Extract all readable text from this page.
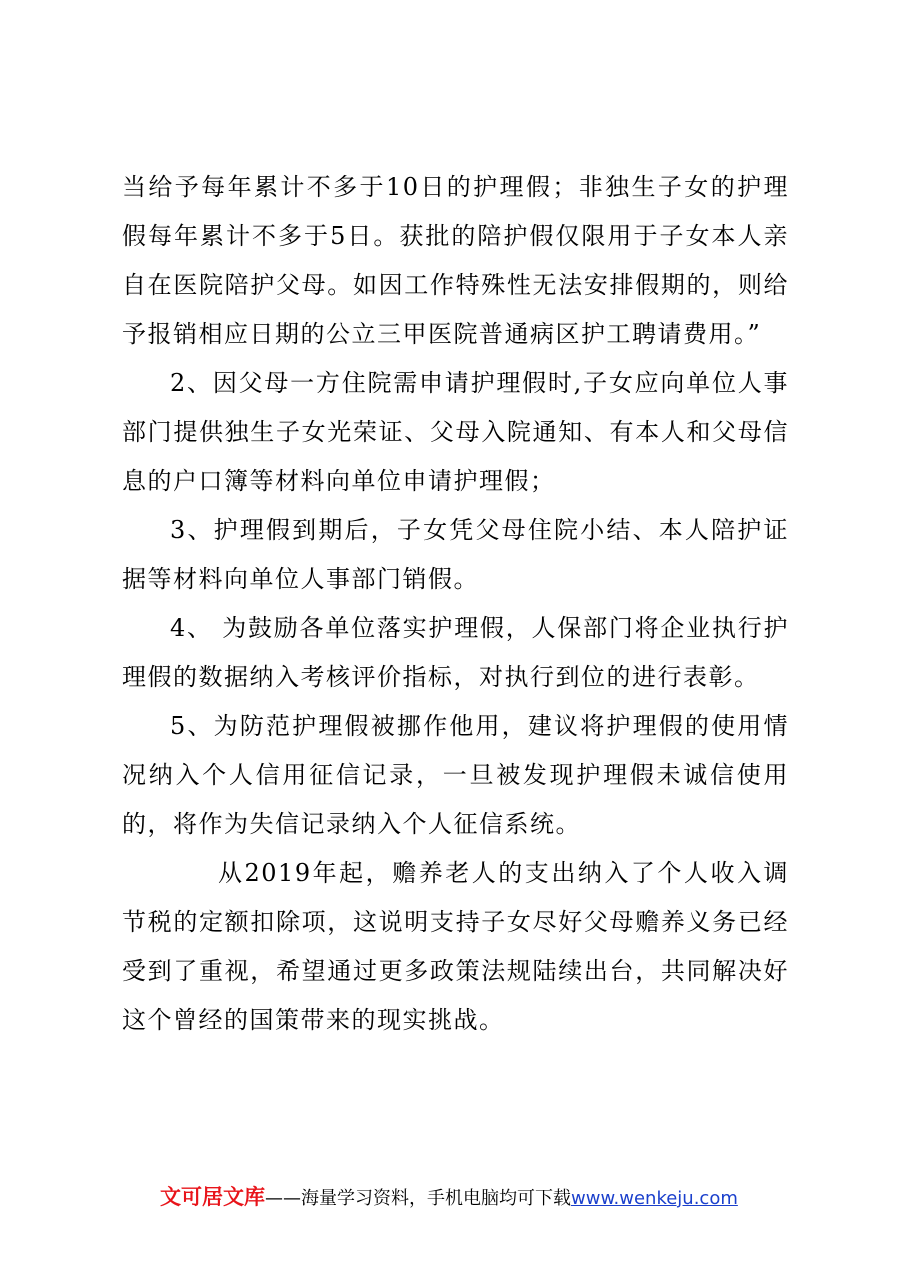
当给予每年累计不多于10日的护理假；非独生子女的护理假每年累计不多于5日。获批的陪护假仅限用于子女本人亲自在医院陪护父母。如因工作特殊性无法安排假期的，则给予报销相应日期的公立三甲医院普通病区护工聘请费用。”

2、因父母一方住院需申请护理假时,子女应向单位人事部门提供独生子女光荣证、父母入院通知、有本人和父母信息的户口簿等材料向单位申请护理假；

3、护理假到期后，子女凭父母住院小结、本人陪护证据等材料向单位人事部门销假。

4、 为鼓励各单位落实护理假，人保部门将企业执行护理假的数据纳入考核评价指标，对执行到位的进行表彰。

5、为防范护理假被挪作他用，建议将护理假的使用情况纳入个人信用征信记录，一旦被发现护理假未诚信使用的，将作为失信记录纳入个人征信系统。

从2019年起，赡养老人的支出纳入了个人收入调节税的定额扣除项，这说明支持子女尽好父母赡养义务已经受到了重视，希望通过更多政策法规陆续出台，共同解决好这个曾经的国策带来的现实挑战。

文可居文库——海量学习资料，手机电脑均可下载www.wenkeju.com
